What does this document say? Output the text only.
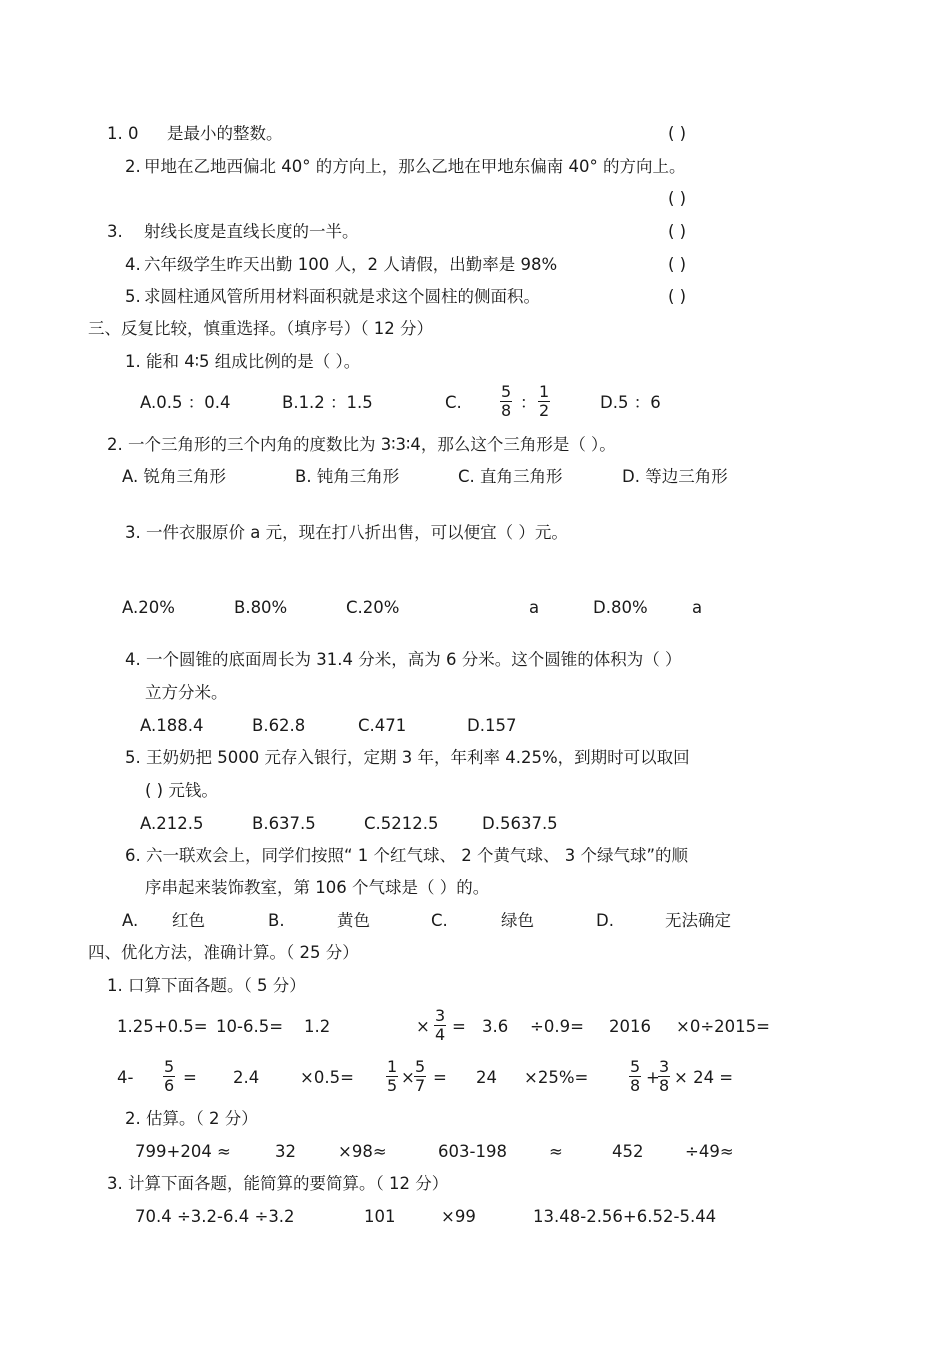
1. 0 是最小的整数。	( )
2. 甲地在乙地西偏北 40° 的方向上，那么乙地在甲地东偏南 40° 的方向上。
( )
3. 射线长度是直线长度的一半。	( )
4. 六年级学生昨天出勤 100 人，2 人请假，出勤率是 98%	( )
5. 求圆柱通风管所用材料面积就是求这个圆柱的侧面积。	( )
三、反复比较，慎重选择。（填序号）（ 12 分）
1. 能和 4∶5 组成比例的是（ ）。
A.0.5 ：0.4	B.1.2 ：1.5	C. $\frac{5}{8}$ ： $\frac{1}{2}$	D.5 ：6
2. 一个三角形的三个内角的度数比为 3∶3∶4，那么这个三角形是（ ）。
A. 锐角三角形	B. 钝角三角形	C. 直角三角形	D. 等边三角形
3. 一件衣服原价 a 元，现在打八折出售，可以便宜（ ）元。
A.20%	B.80%	C.20%	a	D.80%	a
4. 一个圆锥的底面周长为 31.4 分米，高为 6 分米。这个圆锥的体积为（ ）
立方分米。
A.188.4	B.62.8	C.471	D.157
5. 王奶奶把 5000 元存入银行，定期 3 年，年利率 4.25%，到期时可以取回
( ) 元钱。
A.212.5	B.637.5	C.5212.5	D.5637.5
6. 六一联欢会上，同学们按照“ 1 个红气球、 2 个黄气球、 3 个绿气球”的顺
序串起来装饰教室，第 106 个气球是（ ）的。
A. 红色	B.	黄色	C.	绿色	D.	无法确定
四、优化方法，准确计算。（ 25 分）
1. 口算下面各题。（ 5 分）
1.25+0.5= 10-6.5= 1.2	× $\frac{3}{4} = 3.6 \div 0.9= 2016 \times 0\div 2015=$
$4- \frac{5}{6} = 2.4 \times 0.5= \frac{1}{5} \times \frac{5}{7} = 24 \times 25\%=$	$\frac{5}{8}$ +
$\frac{3}{8} \times 24$ =
2. 估算。（ 2 分）
799+204 ≈	32	×98≈	603-198	≈	452	÷49≈
3. 计算下面各题，能简算的要简算。（ 12 分）
70.4 ÷3.2-6.4 ÷3.2	101	×99	13.48-2.56+6.52-5.44
